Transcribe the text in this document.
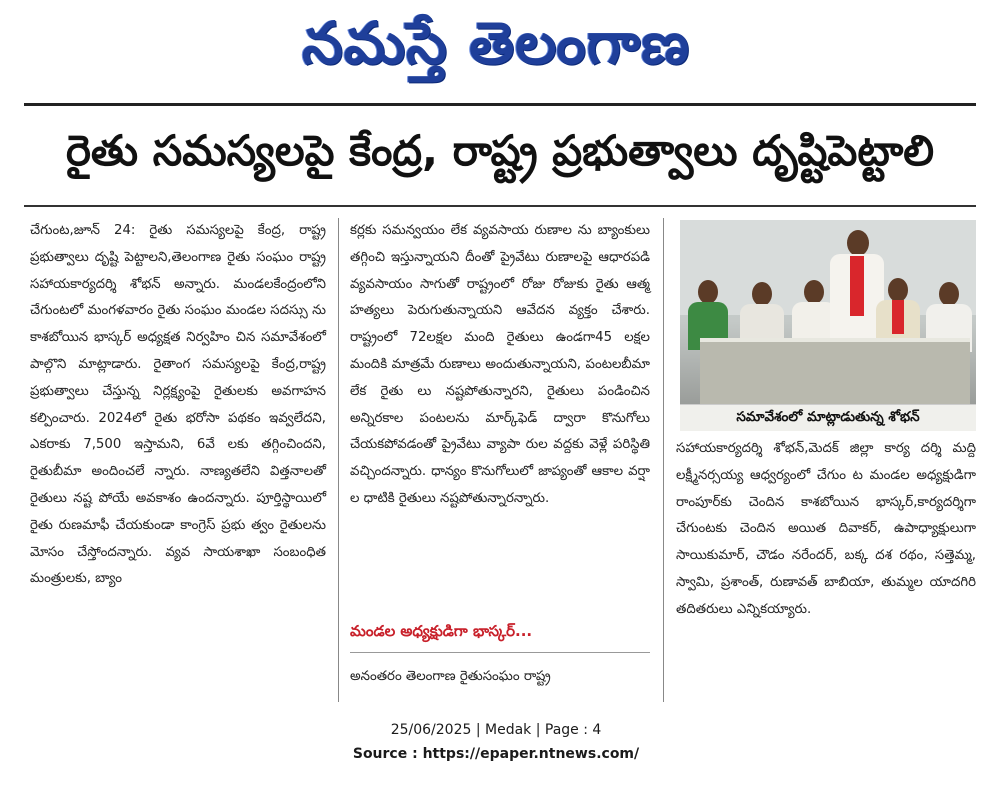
నమస్తే తెలంగాణ
రైతు సమస్యలపై కేంద్ర, రాష్ట్ర ప్రభుత్వాలు దృష్టిపెట్టాలి

చేగుంట,జూన్ 24: రైతు సమస్యలపై కేంద్ర, రాష్ట్ర ప్రభుత్వాలు దృష్టి పెట్టాలని,తెలంగాణ రైతు సంఘం రాష్ట్ర సహాయకార్యదర్శి శోభన్ అన్నారు. మండలకేంద్రంలోని చేగుంటలో మంగళవారం రైతు సంఘం మండల సదస్సు ను కాశబోయిన భాస్కర్ అధ్యక్షత నిర్వహిం చిన సమావేశంలో పాల్గొని మాట్లాడారు. రైతాంగ సమస్యలపై కేంద్ర,రాష్ట్ర ప్రభుత్వాలు చేస్తున్న నిర్లక్ష్యంపై రైతులకు అవగాహన కల్పించారు. 2024లో రైతు భరోసా పథకం ఇవ్వలేదని, ఎకరాకు 7,500 ఇస్తామని, 6వే లకు తగ్గించిందని, రైతుబీమా అందించలే న్నారు. నాణ్యతలేని విత్తనాలతో రైతులు నష్ట పోయే అవకాశం ఉందన్నారు. పూర్తిస్థాయిలో రైతు రుణమాఫీ చేయకుండా కాంగ్రెస్ ప్రభు త్వం రైతులను మోసం చేస్తోందన్నారు. వ్యవ సాయశాఖా సంబంధిత మంత్రులకు, బ్యాం

కర్లకు సమన్వయం లేక వ్యవసాయ రుణాల ను బ్యాంకులు తగ్గించి ఇస్తున్నాయని దీంతో ప్రైవేటు రుణాలపై ఆధారపడి వ్యవసాయం సాగుతో రాష్ట్రంలో రోజు రోజుకు రైతు ఆత్మ హత్యలు పెరుగుతున్నాయని ఆవేదన వ్యక్తం చేశారు. రాష్ట్రంలో 72లక్షల మంది రైతులు ఉండగా45 లక్షల మందికి మాత్రమే రుణాలు అందుతున్నాయని, పంటలబీమా లేక రైతు లు నష్టపోతున్నారని, రైతులు పండించిన అన్నిరకాల పంటలను మార్క్‌ఫెడ్ ద్వారా కొనుగోలు చేయకపోవడంతో ప్రైవేటు వ్యాపా రుల వద్దకు వెళ్లే పరిస్థితి వచ్చిందన్నారు. ధాన్యం కొనుగోలులో జాప్యంతో ఆకాల వర్షా ల ధాటికి రైతులు నష్టపోతున్నారన్నారు.

మండల అధ్యక్షుడిగా భాస్కర్...
అనంతరం తెలంగాణ రైతుసంఘం రాష్ట్ర
సమావేశంలో మాట్లాడుతున్న శోభన్

సహాయకార్యదర్శి శోభన్,మెదక్ జిల్లా కార్య దర్శి మద్ది లక్ష్మీనర్సయ్య ఆధ్వర్యంలో చేగుం ట మండల అధ్యక్షుడిగా రాంపూర్‌కు చెందిన కాశబోయిన భాస్కర్,కార్యదర్శిగా చేగుంటకు చెందిన అయిత దివాకర్, ఉపాధ్యాక్షులుగా సాయికుమార్, చౌడం నరేందర్, బక్క దశ రథం, సత్తెమ్మ, స్వామి, ప్రశాంత్, రుణావత్ బాబియా, తుమ్మల యాదగిరి తదితరులు ఎన్నికయ్యారు.

25/06/2025 | Medak | Page : 4
Source : https://epaper.ntnews.com/
